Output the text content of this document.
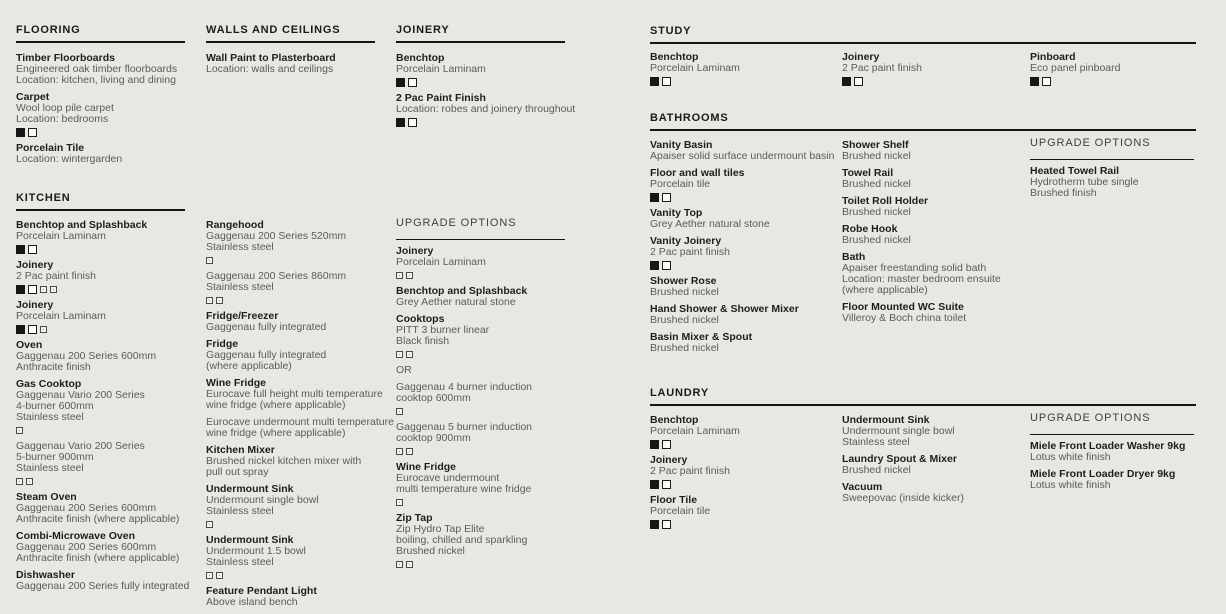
FLOORING
Timber Floorboards
Engineered oak timber floorboards
Location: kitchen, living and dining
Carpet
Wool loop pile carpet
Location: bedrooms
Porcelain Tile
Location: wintergarden
WALLS AND CEILINGS
Wall Paint to Plasterboard
Location: walls and ceilings
JOINERY
Benchtop
Porcelain Laminam
2 Pac Paint Finish
Location: robes and joinery throughout
KITCHEN
Benchtop and Splashback
Porcelain Laminam
Joinery
2 Pac paint finish
Joinery
Porcelain Laminam
Oven
Gaggenau 200 Series 600mm
Anthracite finish
Gas Cooktop
Gaggenau Vario 200 Series
4-burner 600mm
Stainless steel
Gaggenau Vario 200 Series
5-burner 900mm
Stainless steel
Steam Oven
Gaggenau 200 Series 600mm
Anthracite finish (where applicable)
Combi-Microwave Oven
Gaggenau 200 Series 600mm
Anthracite finish (where applicable)
Dishwasher
Gaggenau 200 Series fully integrated
Rangehood
Gaggenau 200 Series 520mm
Stainless steel
Gaggenau 200 Series 860mm
Stainless steel
Fridge/Freezer
Gaggenau fully integrated
Fridge
Gaggenau fully integrated
(where applicable)
Wine Fridge
Eurocave full height multi temperature
wine fridge (where applicable)
Eurocave undermount multi temperature
wine fridge (where applicable)
Kitchen Mixer
Brushed nickel kitchen mixer with
pull out spray
Undermount Sink
Undermount single bowl
Stainless steel
Undermount Sink
Undermount 1.5 bowl
Stainless steel
Feature Pendant Light
Above island bench
UPGRADE OPTIONS
Joinery
Porcelain Laminam
Benchtop and Splashback
Grey Aether natural stone
Cooktops
PITT 3 burner linear
Black finish
OR
Gaggenau 4 burner induction
cooktop 600mm
Gaggenau 5 burner induction
cooktop 900mm
Wine Fridge
Eurocave undermount
multi temperature wine fridge
Zip Tap
Zip Hydro Tap Elite
boiling, chilled and sparkling
Brushed nickel
STUDY
Benchtop
Porcelain Laminam
Joinery
2 Pac paint finish
Pinboard
Eco panel pinboard
BATHROOMS
Vanity Basin
Apaiser solid surface undermount basin
Floor and wall tiles
Porcelain tile
Vanity Top
Grey Aether natural stone
Vanity Joinery
2 Pac paint finish
Shower Rose
Brushed nickel
Hand Shower & Shower Mixer
Brushed nickel
Basin Mixer & Spout
Brushed nickel
Shower Shelf
Brushed nickel
Towel Rail
Brushed nickel
Toilet Roll Holder
Brushed nickel
Robe Hook
Brushed nickel
Bath
Apaiser freestanding solid bath
Location: master bedroom ensuite
(where applicable)
Floor Mounted WC Suite
Villeroy & Boch china toilet
UPGRADE OPTIONS
Heated Towel Rail
Hydrotherm tube single
Brushed finish
LAUNDRY
Benchtop
Porcelain Laminam
Joinery
2 Pac paint finish
Floor Tile
Porcelain tile
Undermount Sink
Undermount single bowl
Stainless steel
Laundry Spout & Mixer
Brushed nickel
Vacuum
Sweepovac (inside kicker)
UPGRADE OPTIONS
Miele Front Loader Washer 9kg
Lotus white finish
Miele Front Loader Dryer 9kg
Lotus white finish
